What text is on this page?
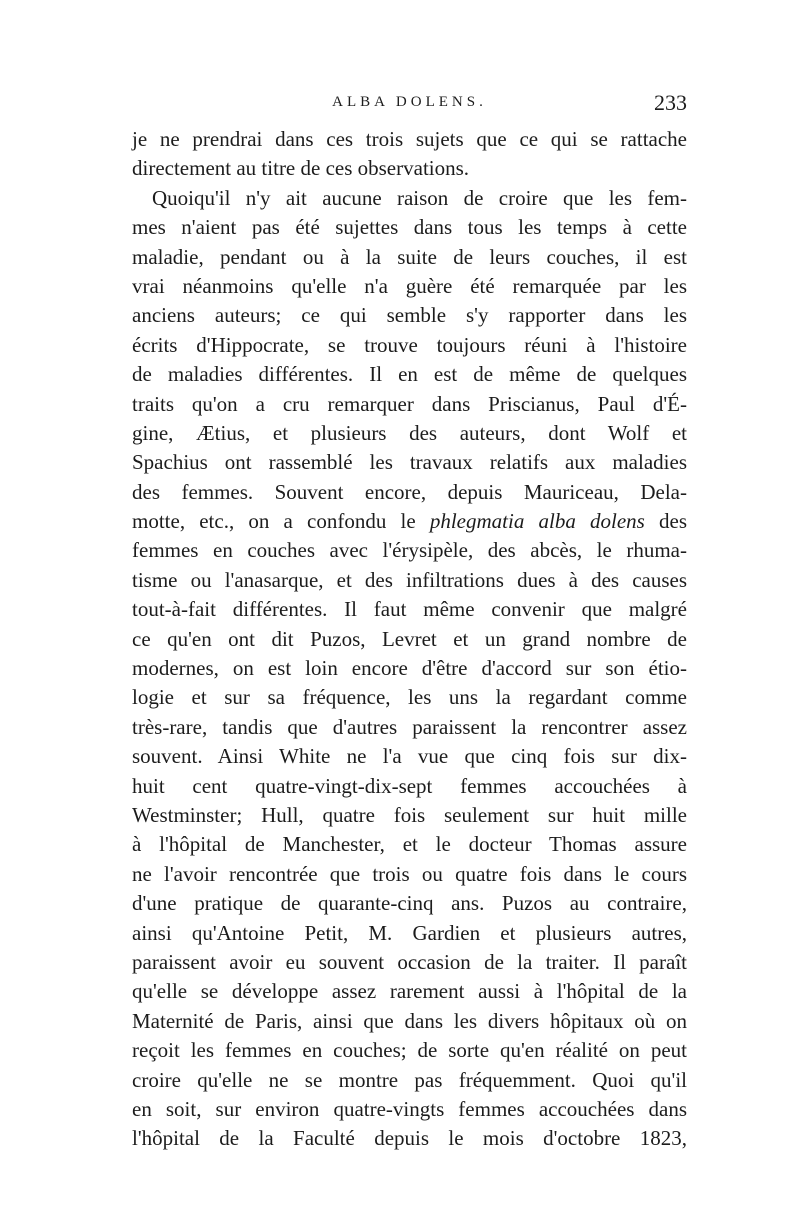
ALBA DOLENS.	233
je ne prendrai dans ces trois sujets que ce qui se rattache
directement au titre de ces observations.
Quoiqu'il n'y ait aucune raison de croire que les fem-
mes n'aient pas été sujettes dans tous les temps à cette
maladie, pendant ou à la suite de leurs couches, il est
vrai néanmoins qu'elle n'a guère été remarquée par les
anciens auteurs; ce qui semble s'y rapporter dans les
écrits d'Hippocrate, se trouve toujours réuni à l'histoire
de maladies différentes. Il en est de même de quelques
traits qu'on a cru remarquer dans Priscianus, Paul d'É-
gine, Ætius, et plusieurs des auteurs, dont Wolf et
Spachius ont rassemblé les travaux relatifs aux maladies
des femmes. Souvent encore, depuis Mauriceau, Dela-
motte, etc., on a confondu le phlegmatia alba dolens des
femmes en couches avec l'érysipèle, des abcès, le rhuma-
tisme ou l'anasarque, et des infiltrations dues à des causes
tout-à-fait différentes. Il faut même convenir que malgré
ce qu'en ont dit Puzos, Levret et un grand nombre de
modernes, on est loin encore d'être d'accord sur son étio-
logie et sur sa fréquence, les uns la regardant comme
très-rare, tandis que d'autres paraissent la rencontrer assez
souvent. Ainsi White ne l'a vue que cinq fois sur dix-
huit cent quatre-vingt-dix-sept femmes accouchées à
Westminster; Hull, quatre fois seulement sur huit mille
à l'hôpital de Manchester, et le docteur Thomas assure
ne l'avoir rencontrée que trois ou quatre fois dans le cours
d'une pratique de quarante-cinq ans. Puzos au contraire,
ainsi qu'Antoine Petit, M. Gardien et plusieurs autres,
paraissent avoir eu souvent occasion de la traiter. Il paraît
qu'elle se développe assez rarement aussi à l'hôpital de la
Maternité de Paris, ainsi que dans les divers hôpitaux où on
reçoit les femmes en couches; de sorte qu'en réalité on peut
croire qu'elle ne se montre pas fréquemment. Quoi qu'il
en soit, sur environ quatre-vingts femmes accouchées dans
l'hôpital de la Faculté depuis le mois d'octobre 1823,
